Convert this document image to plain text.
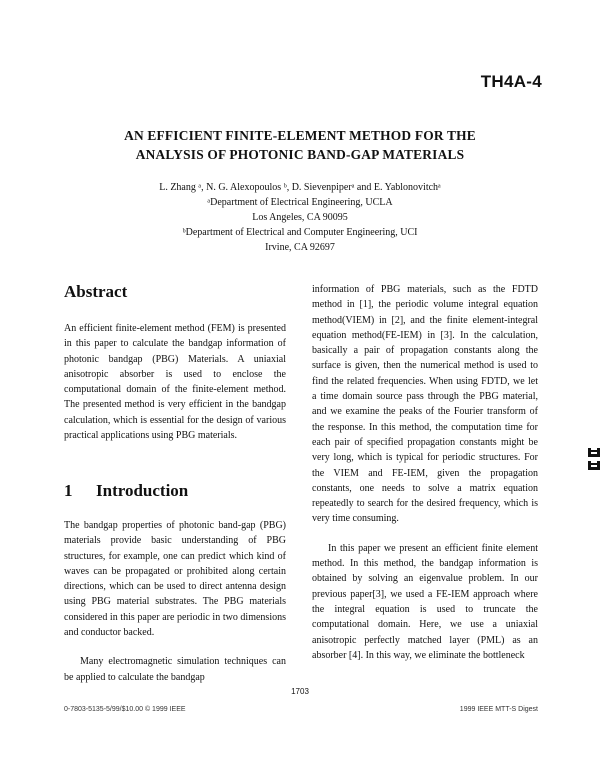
TH4A-4
AN EFFICIENT FINITE-ELEMENT METHOD FOR THE
ANALYSIS OF PHOTONIC BAND-GAP MATERIALS
L. Zhang ᵃ, N. G. Alexopoulos ᵇ, D. Sievenpiperᵃ and E. Yablonovitchᵃ
ᵃDepartment of Electrical Engineering, UCLA
Los Angeles, CA 90095
ᵇDepartment of Electrical and Computer Engineering, UCI
Irvine, CA 92697
Abstract

An efficient finite-element method (FEM) is presented in this paper to calculate the bandgap information of photonic bandgap (PBG) Materials. A uniaxial anisotropic absorber is used to enclose the computational domain of the finite-element method. The presented method is very efficient in the bandgap calculation, which is essential for the design of various practical applications using PBG materials.

1 Introduction

The bandgap properties of photonic band-gap (PBG) materials provide basic understanding of PBG structures, for example, one can predict which kind of waves can be propagated or prohibited along certain directions, which can be used to direct antenna design using PBG material substrates. The PBG materials considered in this paper are periodic in two dimensions and conductor backed.

Many electromagnetic simulation techniques can be applied to calculate the bandgap

information of PBG materials, such as the FDTD method in [1], the periodic volume integral equation method(VIEM) in [2], and the finite element-integral equation method(FE-IEM) in [3]. In the calculation, basically a pair of propagation constants along the surface is given, then the numerical method is used to find the related frequencies. When using FDTD, we let a time domain source pass through the PBG material, and we examine the peaks of the Fourier transform of the response. In this method, the computation time for each pair of specified propagation constants might be very long, which is typical for periodic structures. For the VIEM and FE-IEM, given the propagation constants, one needs to solve a matrix equation repeatedly to search for the desired frequency, which is very time consuming.

In this paper we present an efficient finite element method. In this method, the bandgap information is obtained by solving an eigenvalue problem. In our previous paper[3], we used a FE-IEM approach where the integral equation is used to truncate the computational domain. Here, we use a uniaxial anisotropic perfectly matched layer (PML) as an absorber [4]. In this way, we eliminate the bottleneck

1703
0-7803-5135-5/99/$10.00 © 1999 IEEE	1999 IEEE MTT-S Digest
